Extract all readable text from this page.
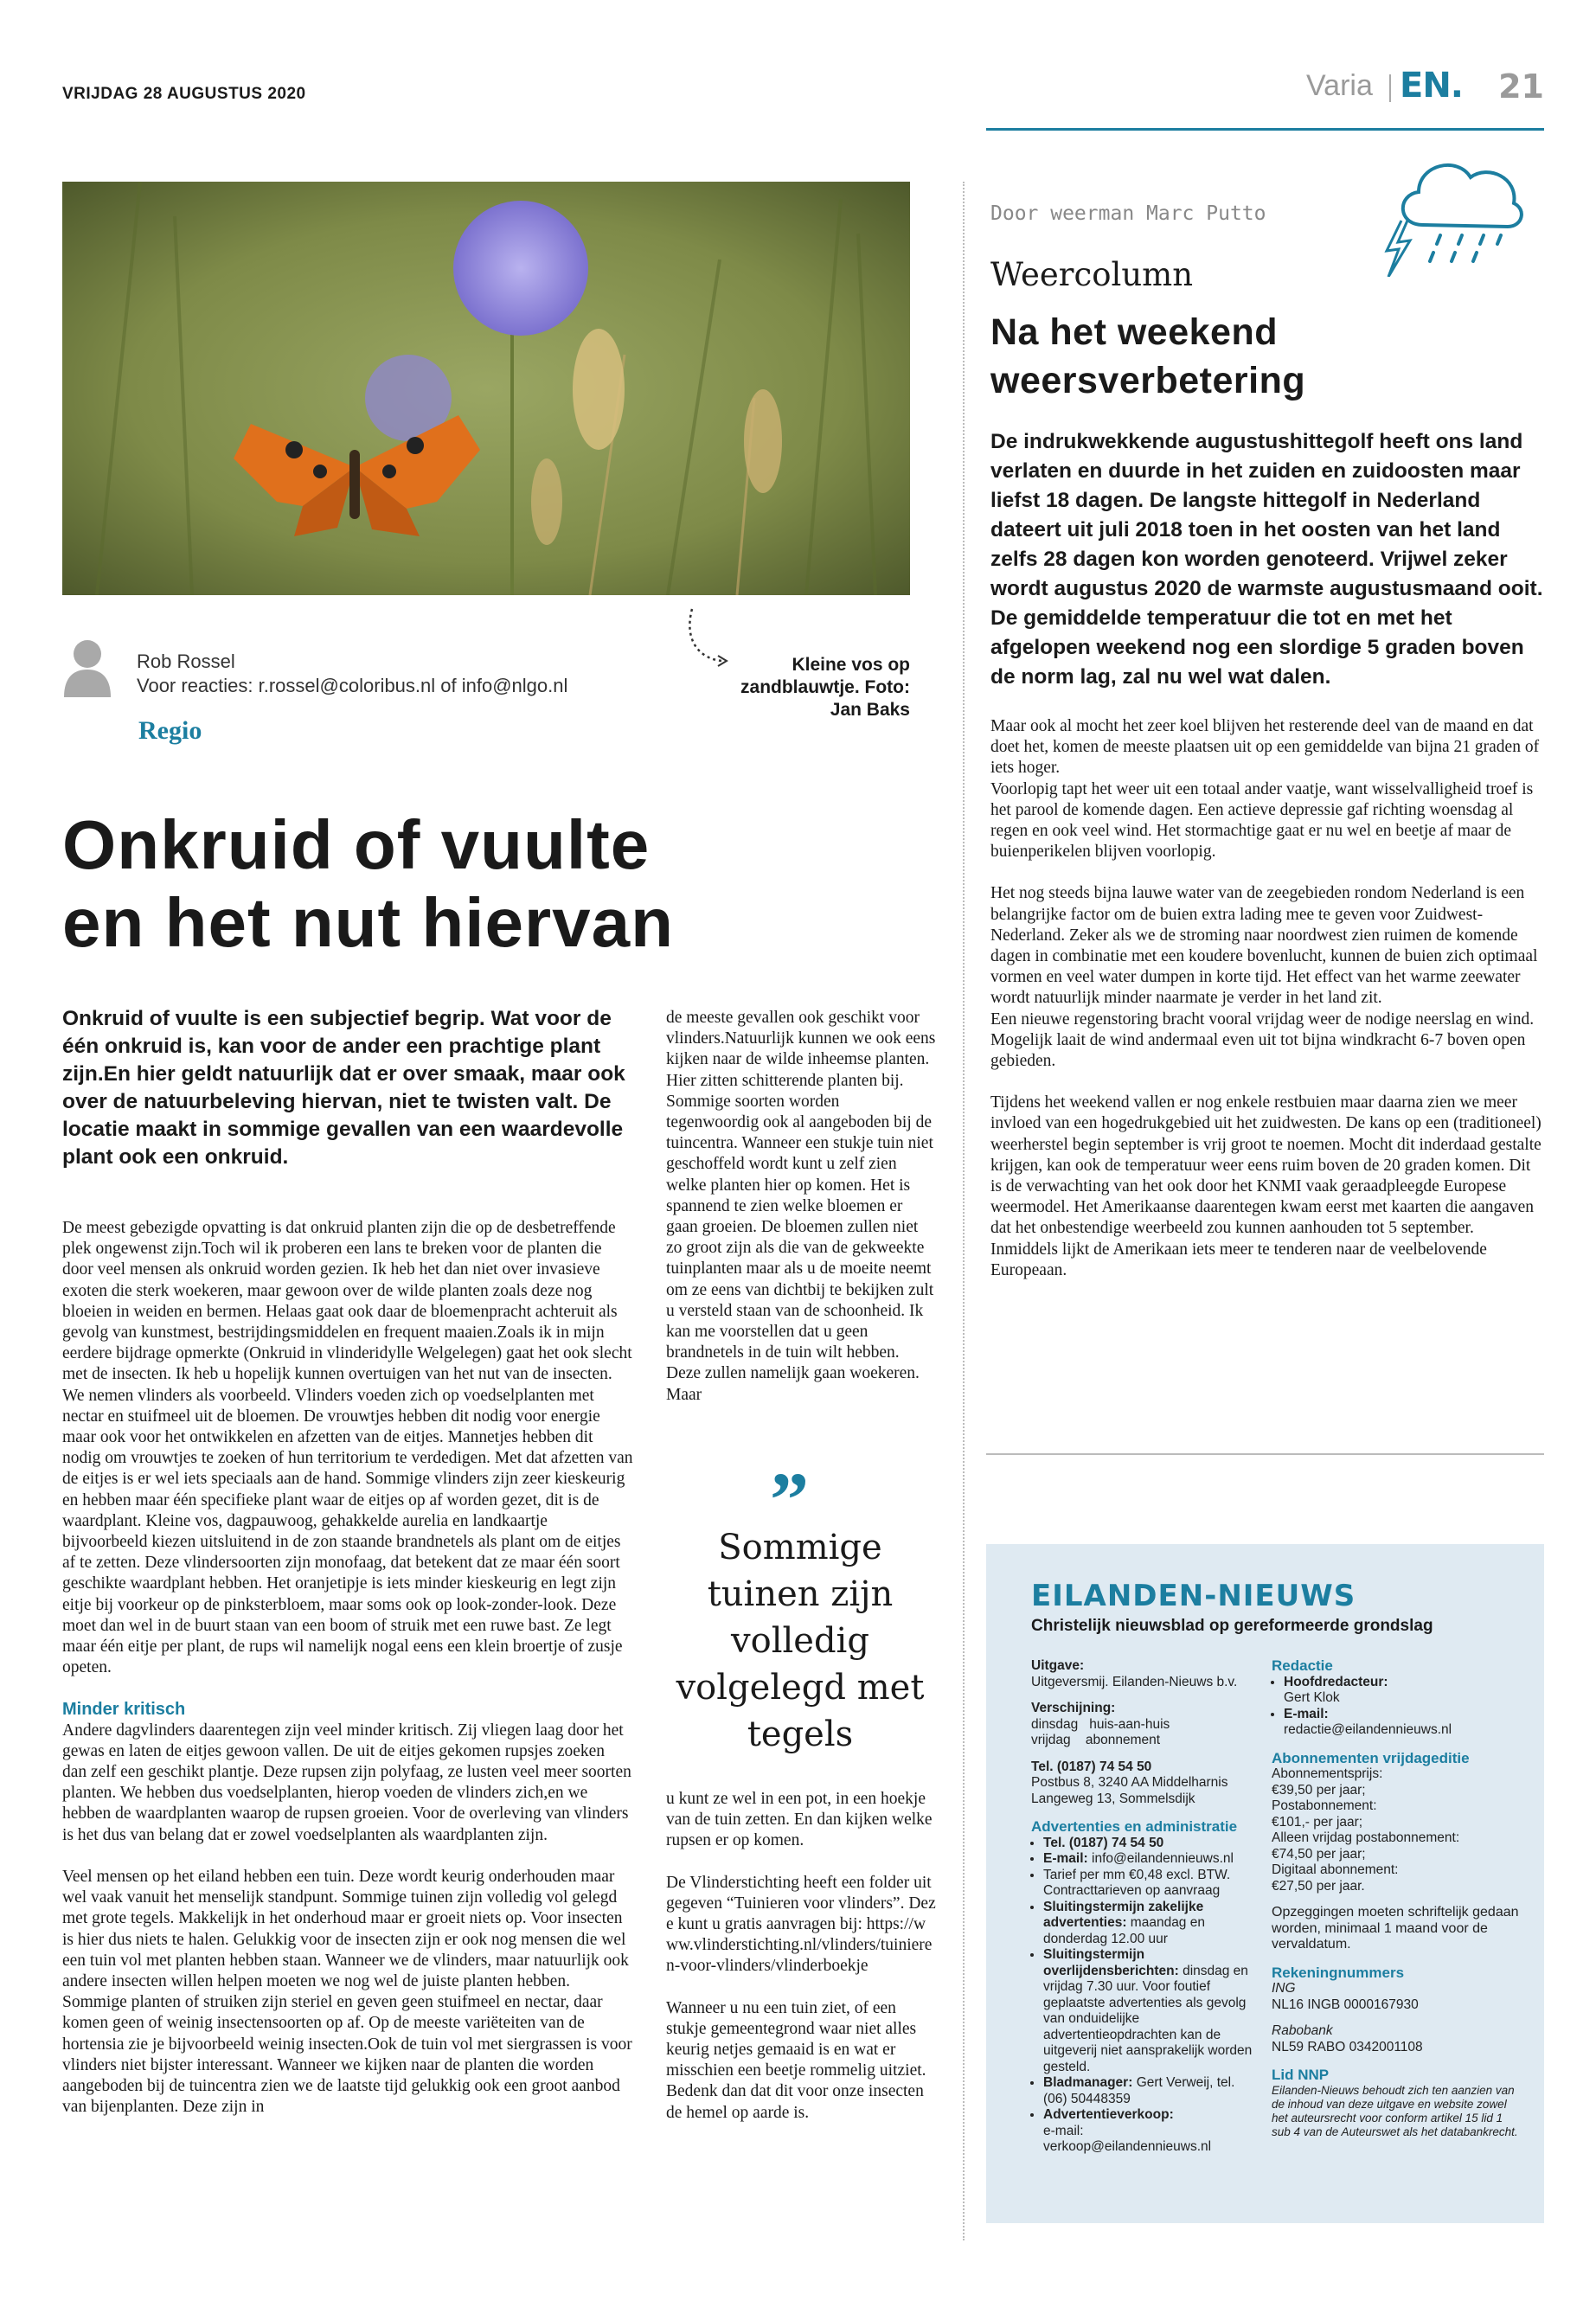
VRIJDAG 28 AUGUSTUS 2020	Varia EN. 21
Rob Rossel
Voor reacties: r.rossel@coloribus.nl of info@nlgo.nl
Regio
Kleine vos op zandblauwtje. Foto: Jan Baks
Onkruid of vuulte
en het nut hiervan
Onkruid of vuulte is een subjectief begrip. Wat voor de één onkruid is, kan voor de ander een prachtige plant zijn.En hier geldt natuurlijk dat er over smaak, maar ook over de natuurbeleving hiervan, niet te twisten valt. De locatie maakt in sommige gevallen van een waardevolle plant ook een onkruid.

De meest gebezigde opvatting is dat onkruid planten zijn die op de desbetreffende plek ongewenst zijn.Toch wil ik proberen een lans te breken voor de planten die door veel mensen als onkruid worden gezien. Ik heb het dan niet over invasieve exoten die sterk woekeren, maar gewoon over de wilde planten zoals deze nog bloeien in weiden en bermen. Helaas gaat ook daar de bloemenpracht achteruit als gevolg van kunstmest, bestrijdingsmiddelen en frequent maaien.Zoals ik in mijn eerdere bijdrage opmerkte (Onkruid in vlinderidylle Welgelegen) gaat het ook slecht met de insecten. Ik heb u hopelijk kunnen overtuigen van het nut van de insecten. We nemen vlinders als voorbeeld. Vlinders voeden zich op voedselplanten met nectar en stuifmeel uit de bloemen. De vrouwtjes hebben dit nodig voor energie maar ook voor het ontwikkelen en afzetten van de eitjes. Mannetjes hebben dit nodig om vrouwtjes te zoeken of hun territorium te verdedigen. Met dat afzetten van de eitjes is er wel iets speciaals aan de hand. Sommige vlinders zijn zeer kieskeurig en hebben maar één specifieke plant waar de eitjes op af worden gezet, dit is de waardplant. Kleine vos, dagpauwoog, gehakkelde aurelia en landkaartje bijvoorbeeld kiezen uitsluitend in de zon staande brandnetels als plant om de eitjes af te zetten. Deze vlindersoorten zijn monofaag, dat betekent dat ze maar één soort geschikte waardplant hebben. Het oranjetipje is iets minder kieskeurig en legt zijn eitje bij voorkeur op de pinksterbloem, maar soms ook op look-zonder-look. Deze moet dan wel in de buurt staan van een boom of struik met een ruwe bast. Ze legt maar één eitje per plant, de rups wil namelijk nogal eens een klein broertje of zusje opeten.

Minder kritisch
Andere dagvlinders daarentegen zijn veel minder kritisch. Zij vliegen laag door het gewas en laten de eitjes gewoon vallen. De uit de eitjes gekomen rupsjes zoeken dan zelf een geschikt plantje. Deze rupsen zijn polyfaag, ze lusten veel meer soorten planten. We hebben dus voedselplanten, hierop voeden de vlinders zich,en we hebben de waardplanten waarop de rupsen groeien. Voor de overleving van vlinders is het dus van belang dat er zowel voedselplanten als waardplanten zijn.

Veel mensen op het eiland hebben een tuin. Deze wordt keurig onderhouden maar wel vaak vanuit het menselijk standpunt. Sommige tuinen zijn volledig vol gelegd met grote tegels. Makkelijk in het onderhoud maar er groeit niets op. Voor insecten is hier dus niets te halen. Gelukkig voor de insecten zijn er ook nog mensen die wel een tuin vol met planten hebben staan. Wanneer we de vlinders, maar natuurlijk ook andere insecten willen helpen moeten we nog wel de juiste planten hebben. Sommige planten of struiken zijn steriel en geven geen stuifmeel en nectar, daar komen geen of weinig insectensoorten op af. Op de meeste variëteiten van de hortensia zie je bijvoorbeeld weinig insecten.Ook de tuin vol met siergrassen is voor vlinders niet bijster interessant. Wanneer we kijken naar de planten die worden aangeboden bij de tuincentra zien we de laatste tijd gelukkig ook een groot aanbod van bijenplanten. Deze zijn in

de meeste gevallen ook geschikt voor vlinders.Natuurlijk kunnen we ook eens kijken naar de wilde inheemse planten. Hier zitten schitterende planten bij. Sommige soorten worden tegenwoordig ook al aangeboden bij de tuincentra. Wanneer een stukje tuin niet geschoffeld wordt kunt u zelf zien welke planten hier op komen. Het is spannend te zien welke bloemen er gaan groeien. De bloemen zullen niet zo groot zijn als die van de gekweekte tuinplanten maar als u de moeite neemt om ze eens van dichtbij te bekijken zult u versteld staan van de schoonheid. Ik kan me voorstellen dat u geen brandnetels in de tuin wilt hebben. Deze zullen namelijk gaan woekeren. Maar

”
Sommige tuinen zijn volledig volgelegd met tegels

u kunt ze wel in een pot, in een hoekje van de tuin zetten. En dan kijken welke rupsen er op komen.

De Vlinderstichting heeft een folder uitgegeven “Tuinieren voor vlinders”. Deze kunt u gratis aanvragen bij: https://www.vlinderstichting.nl/vlinders/tuinieren-voor-vlinders/vlinderboekje

Wanneer u nu een tuin ziet, of een stukje gemeentegrond waar niet alles keurig netjes gemaaid is en wat er misschien een beetje rommelig uitziet. Bedenk dan dat dit voor onze insecten de hemel op aarde is.

Door weerman Marc Putto
Weercolumn
Na het weekend
weersverbetering
De indrukwekkende augustushittegolf heeft ons land verlaten en duurde in het zuiden en zuidoosten maar liefst 18 dagen. De langste hittegolf in Nederland dateert uit juli 2018 toen in het oosten van het land zelfs 28 dagen kon worden genoteerd. Vrijwel zeker wordt augustus 2020 de warmste augustusmaand ooit. De gemiddelde temperatuur die tot en met het afgelopen weekend nog een slordige 5 graden boven de norm lag, zal nu wel wat dalen.

Maar ook al mocht het zeer koel blijven het resterende deel van de maand en dat doet het, komen de meeste plaatsen uit op een gemiddelde van bijna 21 graden of iets hoger.

Voorlopig tapt het weer uit een totaal ander vaatje, want wisselvalligheid troef is het parool de komende dagen. Een actieve depressie gaf richting woensdag al regen en ook veel wind. Het stormachtige gaat er nu wel en beetje af maar de buienperikelen blijven voorlopig.

Het nog steeds bijna lauwe water van de zeegebieden rondom Nederland is een belangrijke factor om de buien extra lading mee te geven voor Zuidwest-Nederland. Zeker als we de stroming naar noordwest zien ruimen de komende dagen in combinatie met een koudere bovenlucht, kunnen de buien zich optimaal vormen en veel water dumpen in korte tijd. Het effect van het warme zeewater wordt natuurlijk minder naarmate je verder in het land zit.

Een nieuwe regenstoring bracht vooral vrijdag weer de nodige neerslag en wind. Mogelijk laait de wind andermaal even uit tot bijna windkracht 6-7 boven open gebieden.

Tijdens het weekend vallen er nog enkele restbuien maar daarna zien we meer invloed van een hogedrukgebied uit het zuidwesten. De kans op een (traditioneel) weerherstel begin september is vrij groot te noemen. Mocht dit inderdaad gestalte krijgen, kan ook de temperatuur weer eens ruim boven de 20 graden komen. Dit is de verwachting van het ook door het KNMI vaak geraadpleegde Europese weermodel. Het Amerikaanse daarentegen kwam eerst met kaarten die aangaven dat het onbestendige weerbeeld zou kunnen aanhouden tot 5 september. Inmiddels lijkt de Amerikaan iets meer te tenderen naar de veelbelovende Europeaan.

EILANDEN-NIEUWS
Christelijk nieuwsblad op gereformeerde grondslag
Uitgave:
Uitgeversmij. Eilanden-Nieuws b.v.
Verschijning:
dinsdag   huis-aan-huis
vrijdag    abonnement
Tel. (0187) 74 54 50
Postbus 8, 3240 AA Middelharnis
Langeweg 13, Sommelsdijk
Advertenties en administratie
• Tel. (0187) 74 54 50
• E-mail: info@eilandennieuws.nl
• Tarief per mm €0,48 excl. BTW. Contracttarieven op aanvraag
• Sluitingstermijn zakelijke advertenties: maandag en donderdag 12.00 uur
• Sluitingstermijn overlijdensberichten: dinsdag en vrijdag 7.30 uur. Voor foutief geplaatste advertenties als gevolg van onduidelijke advertentieopdrachten kan de uitgeverij niet aansprakelijk worden gesteld.
• Bladmanager: Gert Verweij, tel. (06) 50448359
• Advertentieverkoop:
e-mail:
verkoop@eilandennieuws.nl
Redactie
• Hoofdredacteur:
Gert Klok
• E-mail:
redactie@eilandennieuws.nl
Abonnementen vrijdageditie
Abonnementsprijs:
€39,50 per jaar;
Postabonnement:
€101,- per jaar;
Alleen vrijdag postabonnement:
€74,50 per jaar;
Digitaal abonnement:
€27,50 per jaar.
Opzeggingen moeten schriftelijk gedaan worden, minimaal 1 maand voor de vervaldatum.
Rekeningnummers
ING
NL16 INGB 0000167930
Rabobank
NL59 RABO 0342001108
Lid NNP
Eilanden-Nieuws behoudt zich ten aanzien van de inhoud van deze uitgave en website zowel het auteursrecht voor conform artikel 15 lid 1 sub 4 van de Auteurswet als het databankrecht.
